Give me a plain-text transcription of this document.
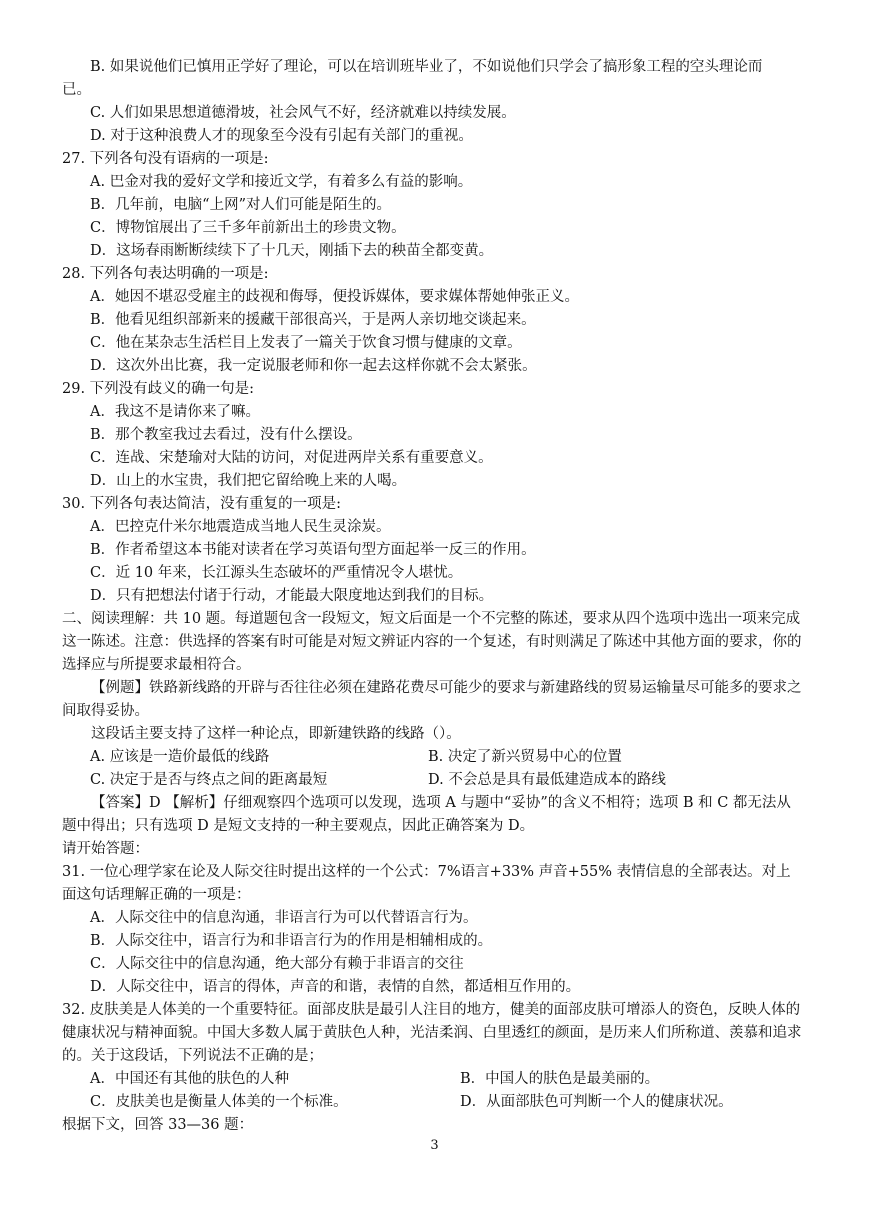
B. 如果说他们已慎用正学好了理论，可以在培训班毕业了，不如说他们只学会了搞形象工程的空头理论而

已。

C. 人们如果思想道德滑坡，社会风气不好，经济就难以持续发展。

D. 对于这种浪费人才的现象至今没有引起有关部门的重视。

27. 下列各句没有语病的一项是:

A. 巴金对我的爱好文学和接近文学，有着多么有益的影响。

B．几年前，电脑“上网”对人们可能是陌生的。

C．博物馆展出了三千多年前新出土的珍贵文物。

D．这场春雨断断续续下了十几天，刚插下去的秧苗全都变黄。

28. 下列各句表达明确的一项是:

A．她因不堪忍受雇主的歧视和侮辱，便投诉媒体，要求媒体帮她伸张正义。

B．他看见组织部新来的援藏干部很高兴，于是两人亲切地交谈起来。

C．他在某杂志生活栏目上发表了一篇关于饮食习惯与健康的文章。

D．这次外出比赛，我一定说服老师和你一起去这样你就不会太紧张。

29. 下列没有歧义的确一句是:

A．我这不是请你来了嘛。

B．那个教室我过去看过，没有什么摆设。

C．连战、宋楚瑜对大陆的访问，对促进两岸关系有重要意义。

D．山上的水宝贵，我们把它留给晚上来的人喝。

30. 下列各句表达简洁，没有重复的一项是:

A．巴控克什米尔地震造成当地人民生灵涂炭。

B．作者希望这本书能对读者在学习英语句型方面起举一反三的作用。

C．近 10 年来，长江源头生态破坏的严重情况令人堪忧。

D．只有把想法付诸于行动，才能最大限度地达到我们的目标。

二、阅读理解：共 10 题。每道题包含一段短文，短文后面是一个不完整的陈述，要求从四个选项中选出一项来完成这一陈述。注意：供选择的答案有时可能是对短文辨证内容的一个复述，有时则满足了陈述中其他方面的要求，你的选择应与所提要求最相符合。

【例题】铁路新线路的开辟与否往往必须在建路花费尽可能少的要求与新建路线的贸易运输量尽可能多的要求之间取得妥协。

这段话主要支持了这样一种论点，即新建铁路的线路（）。

A. 应该是一造价最低的线路	B. 决定了新兴贸易中心的位置
C. 决定于是否与终点之间的距离最短	D. 不会总是具有最低建造成本的路线

【答案】D 【解析】仔细观察四个选项可以发现，选项 A 与题中“妥协”的含义不相符；选项 B 和 C 都无法从题中得出；只有选项 D 是短文支持的一种主要观点，因此正确答案为 D。

请开始答题：

31. 一位心理学家在论及人际交往时提出这样的一个公式：7%语言+33% 声音+55% 表情信息的全部表达。对上面这句话理解正确的一项是：

A．人际交往中的信息沟通，非语言行为可以代替语言行为。

B．人际交往中，语言行为和非语言行为的作用是相辅相成的。

C．人际交往中的信息沟通，绝大部分有赖于非语言的交往

D．人际交往中，语言的得体，声音的和谐，表情的自然，都适相互作用的。

32. 皮肤美是人体美的一个重要特征。面部皮肤是最引人注目的地方，健美的面部皮肤可增添人的资色，反映人体的健康状况与精神面貌。中国大多数人属于黄肤色人种，光洁柔润、白里透红的颜面，是历来人们所称道、羡慕和追求的。关于这段话，下列说法不正确的是；

A．中国还有其他的肤色的人种	B．中国人的肤色是最美丽的。
C．皮肤美也是衡量人体美的一个标准。	D．从面部肤色可判断一个人的健康状况。

根据下文，回答 33—36 题：

3
